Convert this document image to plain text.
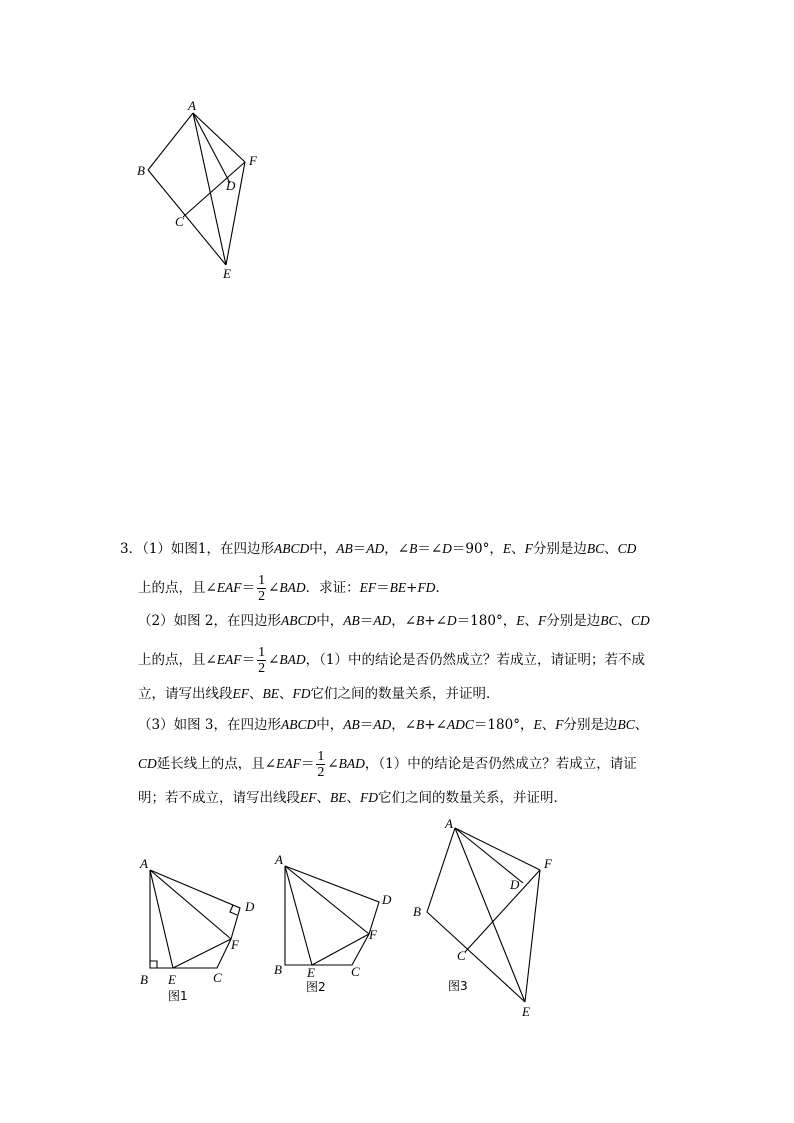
A
B
C
D
F
E
3．（1）如图1，在四边形ABCD中，AB＝AD，∠B＝∠D＝90°，E、F分别是边BC、CD
上的点，且∠EAF＝ $\frac{1}{2}$ ∠BAD．求证：EF＝BE+FD．
（2）如图 2，在四边形ABCD中，AB＝AD，∠B+∠D＝180°，E、F分别是边BC、CD
上的点，且∠EAF＝ $\frac{1}{2}$ ∠BAD，（1）中的结论是否仍然成立？若成立，请证明；若不成
立，请写出线段EF、BE、FD它们之间的数量关系，并证明．
（3）如图 3，在四边形ABCD中，AB＝AD，∠B+∠ADC＝180°，E、F分别是边BC、
CD延长线上的点，且∠EAF＝ $\frac{1}{2}$ ∠BAD，（1）中的结论是否仍然成立？若成立，请证
明；若不成立，请写出线段EF、BE、FD它们之间的数量关系，并证明．
A
B E	C
F
D
图1
A
B E	C
F
D
图2
A
B
C
D
F
E
图3
